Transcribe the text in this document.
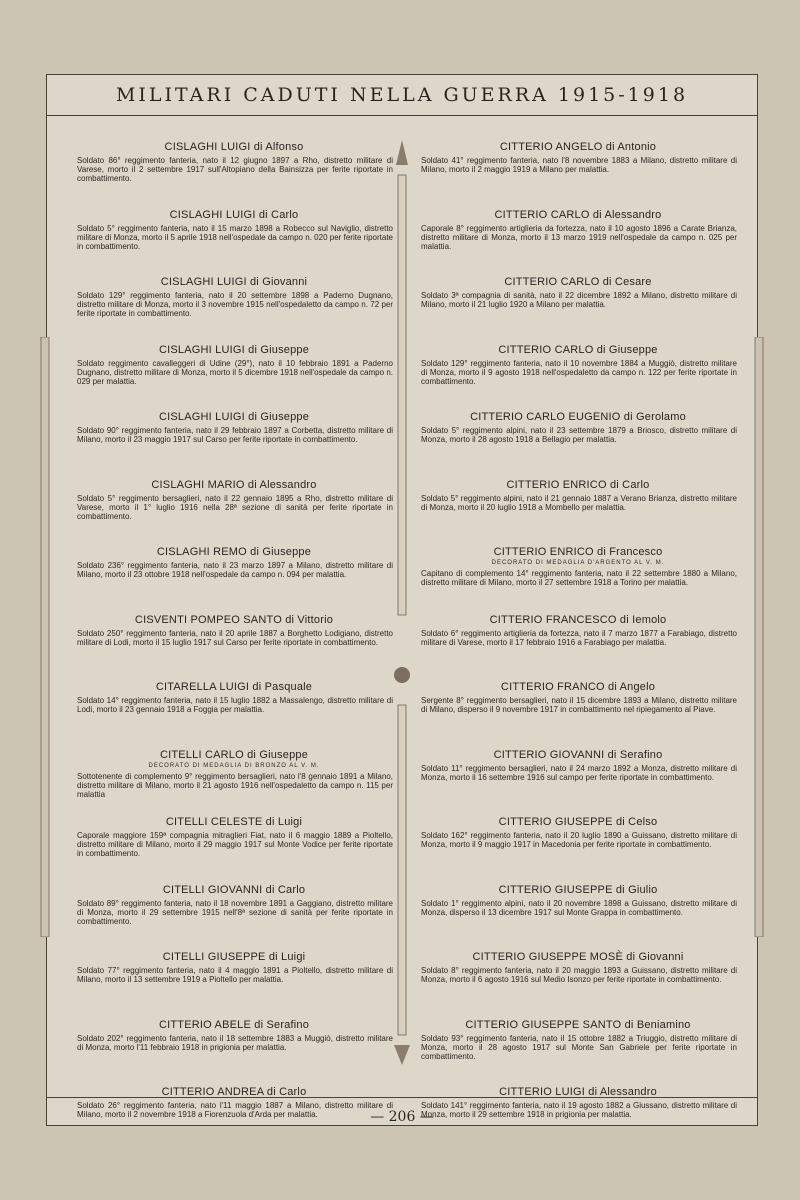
MILITARI CADUTI NELLA GUERRA 1915-1918
CISLAGHI LUIGI di Alfonso
Soldato 86° reggimento fanteria, nato il 12 giugno 1897 a Rho, distretto militare di Varese, morto il 2 settembre 1917 sull'Altopiano della Bainsizza per ferite riportate in combattimento.
CISLAGHI LUIGI di Carlo
Soldato 5° reggimento fanteria, nato il 15 marzo 1898 a Robecco sul Naviglio, distretto militare di Monza, morto il 5 aprile 1918 nell'ospedale da campo n. 020 per ferite riportate in combattimento.
CISLAGHI LUIGI di Giovanni
Soldato 129° reggimento fanteria, nato il 20 settembre 1898 a Paderno Dugnano, distretto militare di Monza, morto il 3 novembre 1915 nell'ospedaletto da campo n. 72 per ferite riportate in combattimento.
CISLAGHI LUIGI di Giuseppe
Soldato reggimento cavalleggeri di Udine (29°), nato il 10 febbraio 1891 a Paderno Dugnano, distretto militare di Monza, morto il 5 dicembre 1918 nell'ospedale da campo n. 029 per malattia.
CISLAGHI LUIGI di Giuseppe
Soldato 90° reggimento fanteria, nato il 29 febbraio 1897 a Corbetta, distretto militare di Milano, morto il 23 maggio 1917 sul Carso per ferite riportate in combattimento.
CISLAGHI MARIO di Alessandro
Soldato 5° reggimento bersaglieri, nato il 22 gennaio 1895 a Rho, distretto militare di Varese, morto il 1° luglio 1916 nella 28ª sezione di sanità per ferite riportate in combattimento.
CISLAGHI REMO di Giuseppe
Soldato 236° reggimento fanteria, nato il 23 marzo 1897 a Milano, distretto militare di Milano, morto il 23 ottobre 1918 nell'ospedale da campo n. 094 per malattia.
CISVENTI POMPEO SANTO di Vittorio
Soldato 250° reggimento fanteria, nato il 20 aprile 1887 a Borghetto Lodigiano, distretto militare di Lodi, morto il 15 luglio 1917 sul Carso per ferite riportate in combattimento.
CITARELLA LUIGI di Pasquale
Soldato 14° reggimento fanteria, nato il 15 luglio 1882 a Massalengo, distretto militare di Lodi, morto il 23 gennaio 1918 a Foggia per malattia.
CITELLI CARLO di Giuseppe
DECORATO DI MEDAGLIA DI BRONZO AL V. M.
Sottotenente di complemento 9° reggimento bersaglieri, nato l'8 gennaio 1891 a Milano, distretto militare di Milano, morto il 21 agosto 1916 nell'ospedaletto da campo n. 115 per malattia
CITELLI CELESTE di Luigi
Caporale maggiore 159ª compagnia mitraglieri Fiat, nato il 6 maggio 1889 a Pioltello, distretto militare di Milano, morto il 29 maggio 1917 sul Monte Vodice per ferite riportate in combattimento.
CITELLI GIOVANNI di Carlo
Soldato 89° reggimento fanteria, nato il 18 novembre 1891 a Gaggiano, distretto militare di Monza, morto il 29 settembre 1915 nell'8ª sezione di sanità per ferite riportate in combattimento.
CITELLI GIUSEPPE di Luigi
Soldato 77° reggimento fanteria, nato il 4 maggio 1891 a Pioltello, distretto militare di Milano, morto il 13 settembre 1919 a Pioltello per malattia.
CITTERIO ABELE di Serafino
Soldato 202° reggimento fanteria, nato il 18 settembre 1883 a Muggiò, distretto militare di Monza, morto l'11 febbraio 1918 in prigionia per malattia.
CITTERIO ANDREA di Carlo
Soldato 26° reggimento fanteria, nato l'11 maggio 1887 a Milano, distretto militare di Milano, morto il 2 novembre 1918 a Fiorenzuola d'Arda per malattia.
CITTERIO ANGELO di Antonio
Soldato 41° reggimento fanteria, nato l'8 novembre 1883 a Milano, distretto militare di Milano, morto il 2 maggio 1919 a Milano per malattia.
CITTERIO CARLO di Alessandro
Caporale 8° reggimento artiglieria da fortezza, nato il 10 agosto 1896 a Carate Brianza, distretto militare di Monza, morto il 13 marzo 1919 nell'ospedale da campo n. 025 per malattia.
CITTERIO CARLO di Cesare
Soldato 3ª compagnia di sanità, nato il 22 dicembre 1892 a Milano, distretto militare di Milano, morto il 21 luglio 1920 a Milano per malattia.
CITTERIO CARLO di Giuseppe
Soldato 129° reggimento fanteria, nato il 10 novembre 1884 a Muggiò, distretto militare di Monza, morto il 9 agosto 1918 nell'ospedaletto da campo n. 122 per ferite riportate in combattimento.
CITTERIO CARLO EUGENIO di Gerolamo
Soldato 5° reggimento alpini, nato il 23 settembre 1879 a Briosco, distretto militare di Monza, morto il 28 agosto 1918 a Bellagio per malattia.
CITTERIO ENRICO di Carlo
Soldato 5° reggimento alpini, nato il 21 gennaio 1887 a Verano Brianza, distretto militare di Monza, morto il 20 luglio 1918 a Mombello per malattia.
CITTERIO ENRICO di Francesco
DECORATO DI MEDAGLIA D'ARGENTO AL V. M.
Capitano di complemento 14° reggimento fanteria, nato il 22 settembre 1880 a Milano, distretto militare di Milano, morto il 27 settembre 1918 a Torino per malattia.
CITTERIO FRANCESCO di Iemolo
Soldato 6° reggimento artiglieria da fortezza, nato il 7 marzo 1877 a Farabiago, distretto militare di Varese, morto il 17 febbraio 1916 a Farabiago per malattia.
CITTERIO FRANCO di Angelo
Sergente 8° reggimento bersaglieri, nato il 15 dicembre 1893 a Milano, distretto militare di Milano, disperso il 9 novembre 1917 in combattimento nel ripiegamento al Piave.
CITTERIO GIOVANNI di Serafino
Soldato 11° reggimento bersaglieri, nato il 24 marzo 1892 a Monza, distretto militare di Monza, morto il 16 settembre 1916 sul campo per ferite riportate in combattimento.
CITTERIO GIUSEPPE di Celso
Soldato 162° reggimento fanteria, nato il 20 luglio 1890 a Guissano, distretto militare di Monza, morto il 9 maggio 1917 in Macedonia per ferite riportate in combattimento.
CITTERIO GIUSEPPE di Giulio
Soldato 1° reggimento alpini, nato il 20 novembre 1898 a Guissano, distretto militare di Monza, disperso il 13 dicembre 1917 sul Monte Grappa in combattimento.
CITTERIO GIUSEPPE MOSÈ di Giovanni
Soldato 8° reggimento fanteria, nato il 20 maggio 1893 a Guissano, distretto militare di Monza, morto il 6 agosto 1916 sul Medio Isonzo per ferite riportate in combattimento.
CITTERIO GIUSEPPE SANTO di Beniamino
Soldato 93° reggimento fanteria, nato il 15 ottobre 1882 a Triuggio, distretto militare di Monza, morto il 28 agosto 1917 sul Monte San Gabriele per ferite riportate in combattimento.
CITTERIO LUIGI di Alessandro
Soldato 141° reggimento fanteria, nato il 19 agosto 1882 a Giussano, distretto militare di Monza, morto il 29 settembre 1918 in prigionia per malattia.
— 206 —
